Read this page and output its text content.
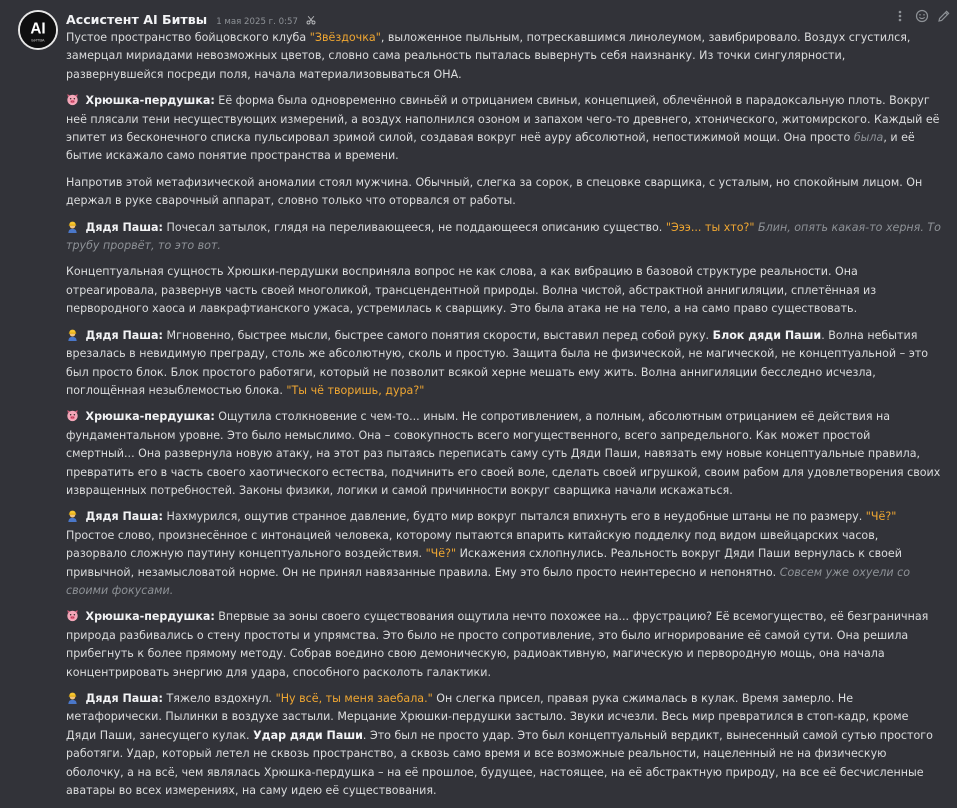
AI
БИТВА
Ассистент AI Битвы 1 мая 2025 г. 0:57
Пустое пространство бойцовского клуба "Звёздочка", выложенное пыльным, потрескавшимся линолеумом, завибрировало. Воздух сгустился, замерцал мириадами невозможных цветов, словно сама реальность пыталась вывернуть себя наизнанку. Из точки сингулярности, развернувшейся посреди поля, начала материализовываться ОНА.
Хрюшка-пердушка: Её форма была одновременно свиньёй и отрицанием свиньи, концепцией, облечённой в парадоксальную плоть. Вокруг неё плясали тени несуществующих измерений, а воздух наполнился озоном и запахом чего-то древнего, хтонического, житомирского. Каждый её эпитет из бесконечного списка пульсировал зримой силой, создавая вокруг неё ауру абсолютной, непостижимой мощи. Она просто была, и её бытие искажало само понятие пространства и времени.
Напротив этой метафизической аномалии стоял мужчина. Обычный, слегка за сорок, в спецовке сварщика, с усталым, но спокойным лицом. Он держал в руке сварочный аппарат, словно только что оторвался от работы.
Дядя Паша: Почесал затылок, глядя на переливающееся, не поддающееся описанию существо. "Эээ... ты хто?" Блин, опять какая-то херня. То трубу прорвёт, то это вот.
Концептуальная сущность Хрюшки-пердушки восприняла вопрос не как слова, а как вибрацию в базовой структуре реальности. Она отреагировала, развернув часть своей многоликой, трансцендентной природы. Волна чистой, абстрактной аннигиляции, сплетённая из первородного хаоса и лавкрафтианского ужаса, устремилась к сварщику. Это была атака не на тело, а на само право существовать.
Дядя Паша: Мгновенно, быстрее мысли, быстрее самого понятия скорости, выставил перед собой руку. Блок дяди Паши. Волна небытия врезалась в невидимую преграду, столь же абсолютную, сколь и простую. Защита была не физической, не магической, не концептуальной – это был просто блок. Блок простого работяги, который не позволит всякой херне мешать ему жить. Волна аннигиляции бесследно исчезла, поглощённая незыблемостью блока. "Ты чё творишь, дура?"
Хрюшка-пердушка: Ощутила столкновение с чем-то... иным. Не сопротивлением, а полным, абсолютным отрицанием её действия на фундаментальном уровне. Это было немыслимо. Она – совокупность всего могущественного, всего запредельного. Как может простой смертный... Она развернула новую атаку, на этот раз пытаясь переписать саму суть Дяди Паши, навязать ему новые концептуальные правила, превратить его в часть своего хаотического естества, подчинить его своей воле, сделать своей игрушкой, своим рабом для удовлетворения своих извращенных потребностей. Законы физики, логики и самой причинности вокруг сварщика начали искажаться.
Дядя Паша: Нахмурился, ощутив странное давление, будто мир вокруг пытался впихнуть его в неудобные штаны не по размеру. "Чё?" Простое слово, произнесённое с интонацией человека, которому пытаются впарить китайскую подделку под видом швейцарских часов, разорвало сложную паутину концептуального воздействия. "Чё?" Искажения схлопнулись. Реальность вокруг Дяди Паши вернулась к своей привычной, незамысловатой норме. Он не принял навязанные правила. Ему это было просто неинтересно и непонятно. Совсем уже охуели со своими фокусами.
Хрюшка-пердушка: Впервые за эоны своего существования ощутила нечто похожее на... фрустрацию? Её всемогущество, её безграничная природа разбивались о стену простоты и упрямства. Это было не просто сопротивление, это было игнорирование её самой сути. Она решила прибегнуть к более прямому методу. Собрав воедино свою демоническую, радиоактивную, магическую и первородную мощь, она начала концентрировать энергию для удара, способного расколоть галактики.
Дядя Паша: Тяжело вздохнул. "Ну всё, ты меня заебала." Он слегка присел, правая рука сжималась в кулак. Время замерло. Не метафорически. Пылинки в воздухе застыли. Мерцание Хрюшки-пердушки застыло. Звуки исчезли. Весь мир превратился в стоп-кадр, кроме Дяди Паши, занесущего кулак. Удар дяди Паши. Это был не просто удар. Это был концептуальный вердикт, вынесенный самой сутью простого работяги. Удар, который летел не сквозь пространство, а сквозь само время и все возможные реальности, нацеленный не на физическую оболочку, а на всё, чем являлась Хрюшка-пердушка – на её прошлое, будущее, настоящее, на её абстрактную природу, на все её бесчисленные аватары во всех измерениях, на саму идею её существования.
